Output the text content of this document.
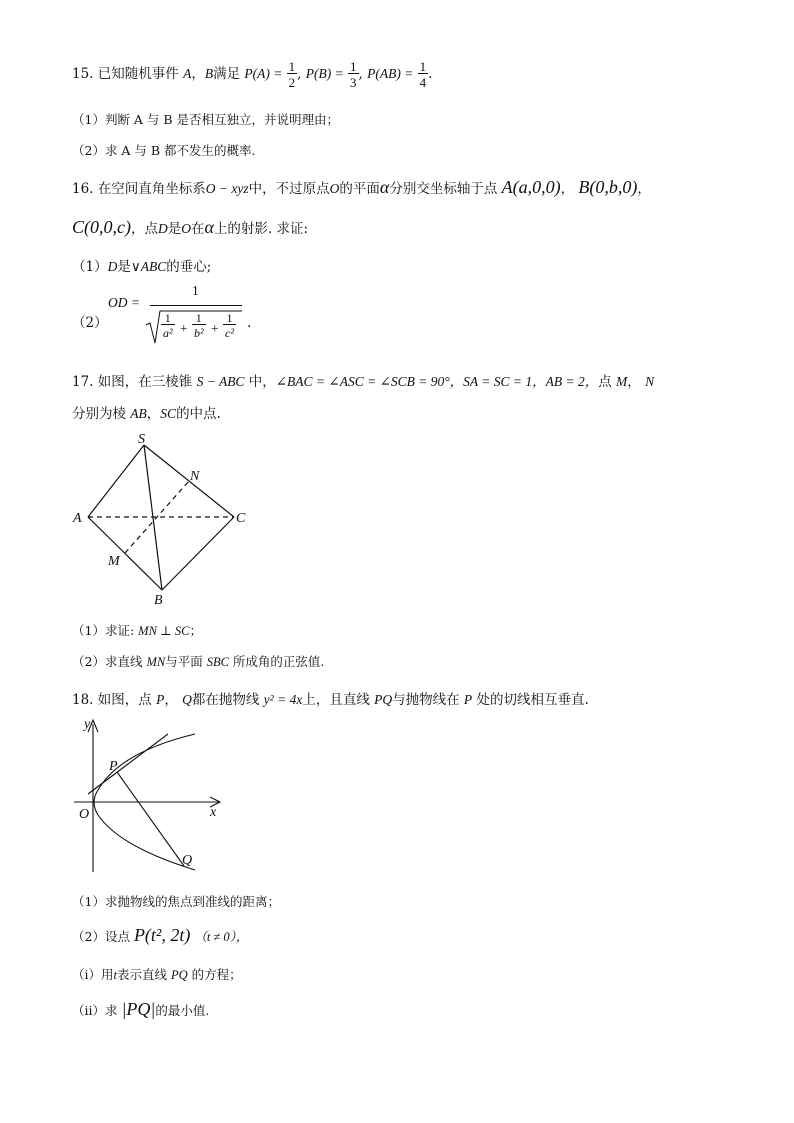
15. 已知随机事件 A，B满足 $P(A) = \frac{1}{2}$ , $P(B) = \frac{1}{3}$ , $P(AB) = \frac{1}{4}$ .
（1）判断 A 与 B 是否相互独立，并说明理由；
（2）求 A 与 B 都不发生的概率.
16. 在空间直角坐标系O − xyz中，不过原点O的平面α分别交坐标轴于点 A(a,0,0)， B(0,b,0)，
C(0,0,c)，点D是O在α上的射影. 求证:
（1）D是∨ABC的垂心;
（2）
OD =
1
$\frac{1}{\text{a²}} + \frac{1}{\text{b²}} + \frac{1}{\text{c²}}$ .
17. 如图，在三棱锥 S − ABC 中，∠BAC = ∠ASC = ∠SCB = 90°，SA = SC = 1，AB = 2，点 M， N
分别为棱 AB，SC的中点.
S
A	C
N
M
B
（1）求证: MN ⊥ SC；
（2）求直线 MN与平面 SBC 所成角的正弦值.
18. 如图，点 P， Q都在抛物线 y² = 4x上，且直线 PQ与抛物线在 P 处的切线相互垂直.
y
x
O
P
Q
（1）求抛物线的焦点到准线的距离；
（2）设点 P(t², 2t) （t ≠ 0），
（i）用t表示直线 PQ 的方程；
（ii）求 |PQ|的最小值.
